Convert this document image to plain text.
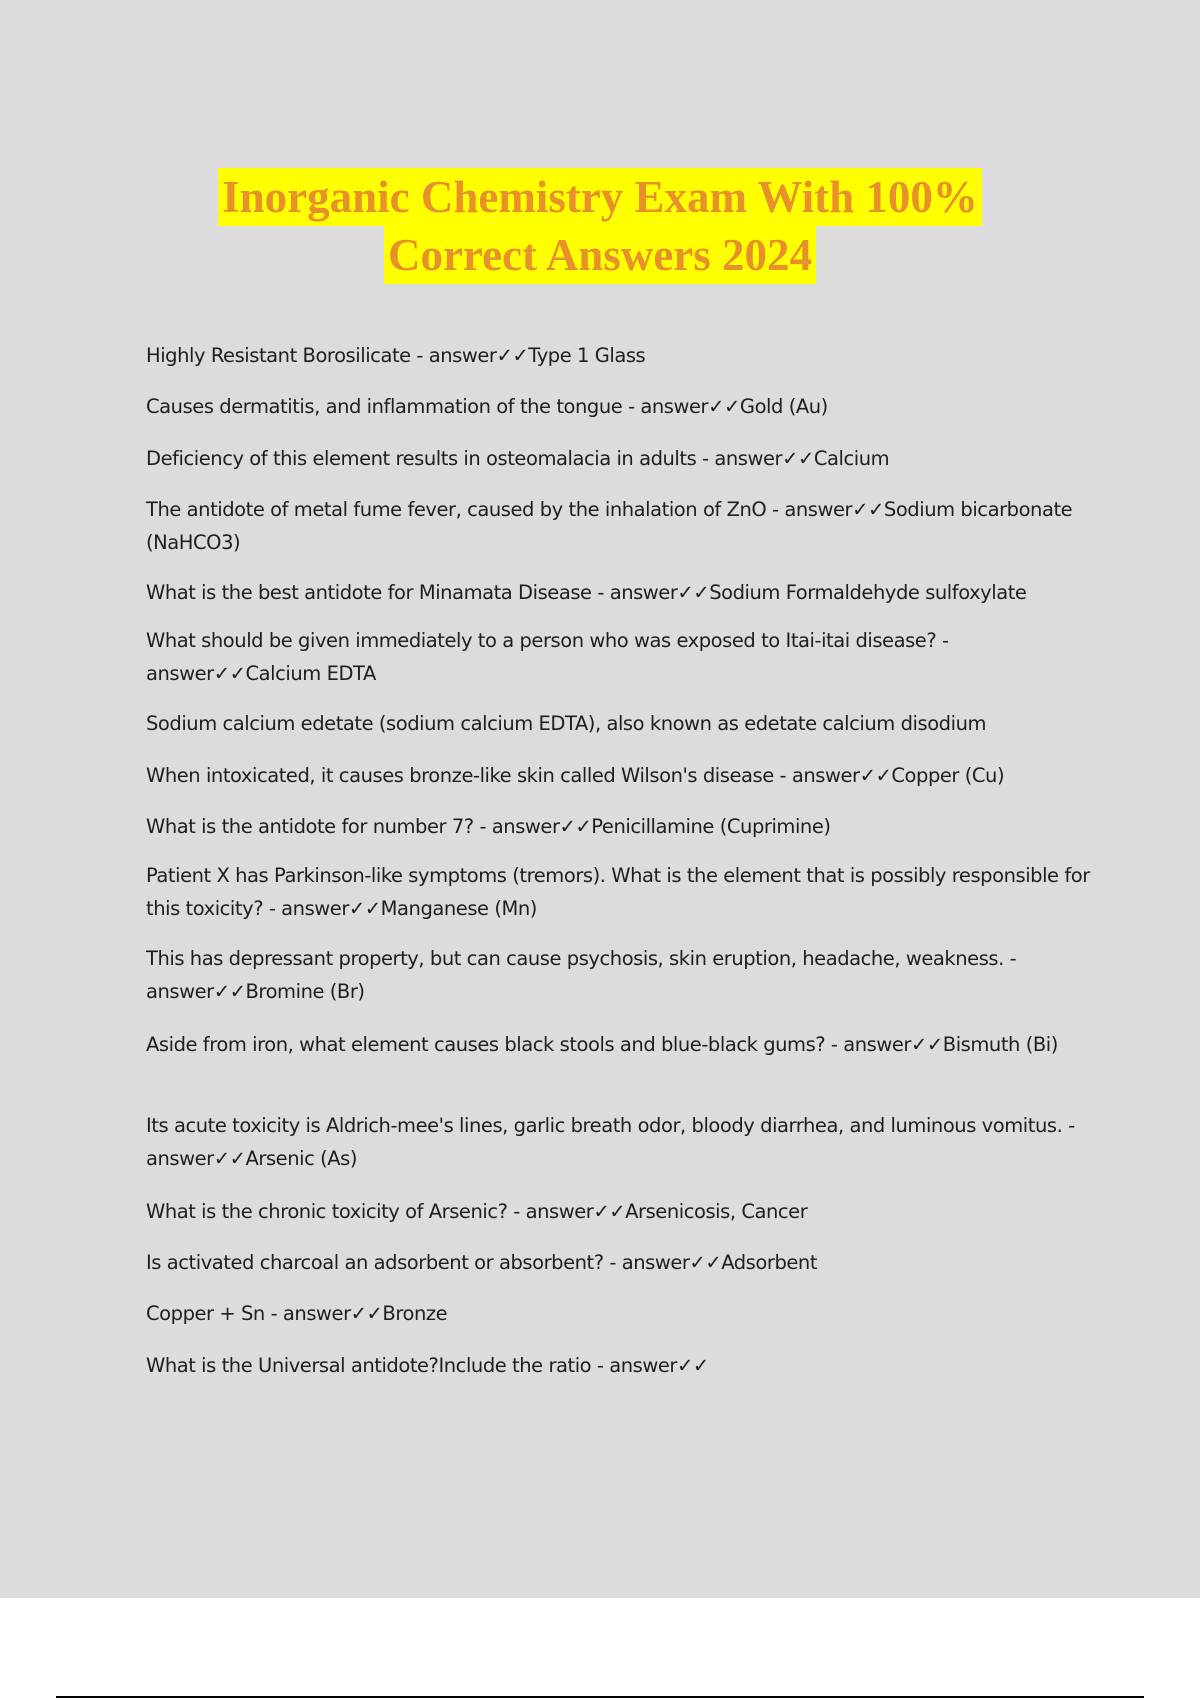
Inorganic Chemistry Exam With 100%
Correct Answers 2024

Highly Resistant Borosilicate - answer✓✓Type 1 Glass

Causes dermatitis, and inflammation of the tongue - answer✓✓Gold (Au)

Deficiency of this element results in osteomalacia in adults - answer✓✓Calcium

The antidote of metal fume fever, caused by the inhalation of ZnO - answer✓✓Sodium bicarbonate (NaHCO3)

What is the best antidote for Minamata Disease - answer✓✓Sodium Formaldehyde sulfoxylate

What should be given immediately to a person who was exposed to Itai-itai disease? - answer✓✓Calcium EDTA

Sodium calcium edetate (sodium calcium EDTA), also known as edetate calcium disodium

When intoxicated, it causes bronze-like skin called Wilson's disease - answer✓✓Copper (Cu)

What is the antidote for number 7? - answer✓✓Penicillamine (Cuprimine)

Patient X has Parkinson-like symptoms (tremors). What is the element that is possibly responsible for this toxicity? - answer✓✓Manganese (Mn)

This has depressant property, but can cause psychosis, skin eruption, headache, weakness. - answer✓✓Bromine (Br)

Aside from iron, what element causes black stools and blue-black gums? - answer✓✓Bismuth (Bi)

Its acute toxicity is Aldrich-mee's lines, garlic breath odor, bloody diarrhea, and luminous vomitus. - answer✓✓Arsenic (As)

What is the chronic toxicity of Arsenic? - answer✓✓Arsenicosis, Cancer

Is activated charcoal an adsorbent or absorbent? - answer✓✓Adsorbent

Copper + Sn - answer✓✓Bronze

What is the Universal antidote?Include the ratio - answer✓✓
